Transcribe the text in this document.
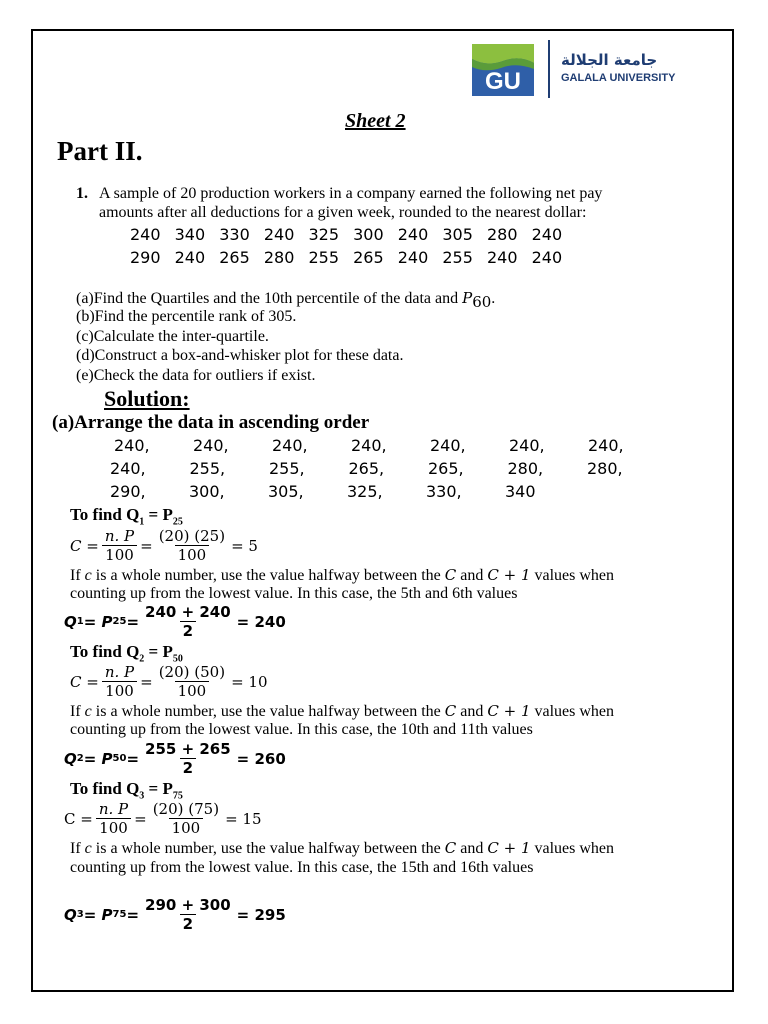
GU
جامعة الجلالة
GALALA UNIVERSITY
Sheet 2
Part II.
1. A sample of 20 production workers in a company earned the following net pay
amounts after all deductions for a given week, rounded to the nearest dollar:
240 340 330 240 325 300 240 305 280 240
290 240 265 280 255 265 240 255 240 240
(a)Find the Quartiles and the 10th percentile of the data and $P_{60}$.
(b)Find the percentile rank of 305.
(c)Calculate the inter-quartile.
(d)Construct a box-and-whisker plot for these data.
(e)Check the data for outliers if exist.
Solution:
(a)Arrange the data in ascending order
240,	240,	240,	240,	240,	240,	240,
240,	255,	255,	265,	265,	280,	280,
290,	300,	305,	325,	330,	340
To find $Q_1 = P_{25}$
$C = \frac{n. P}{100} = \frac{(20) (25)}{100} = 5$
If c is a whole number, use the value halfway between the C and C + 1 values when
counting up from the lowest value. In this case, the 5th and 6th values
Q 1 = P $25 = \frac{240 + 240}{2} = 240$
To find $Q_2 = P_{50}$
$C = \frac{n. P}{100} = \frac{(20) (50)}{100} = 10$
If c is a whole number, use the value halfway between the C and C + 1 values when
counting up from the lowest value. In this case, the 10th and 11th values
Q 2 = P $50 = \frac{255 + 265}{2} = 260$
To find $Q_3 = P_{75}$
$C = \frac{n. P}{100} = \frac{(20) (75)}{100} = 15$
If c is a whole number, use the value halfway between the C and C + 1 values when
counting up from the lowest value. In this case, the 15th and 16th values
Q 3 = P $75 = \frac{290 + 300}{2} = 295$
